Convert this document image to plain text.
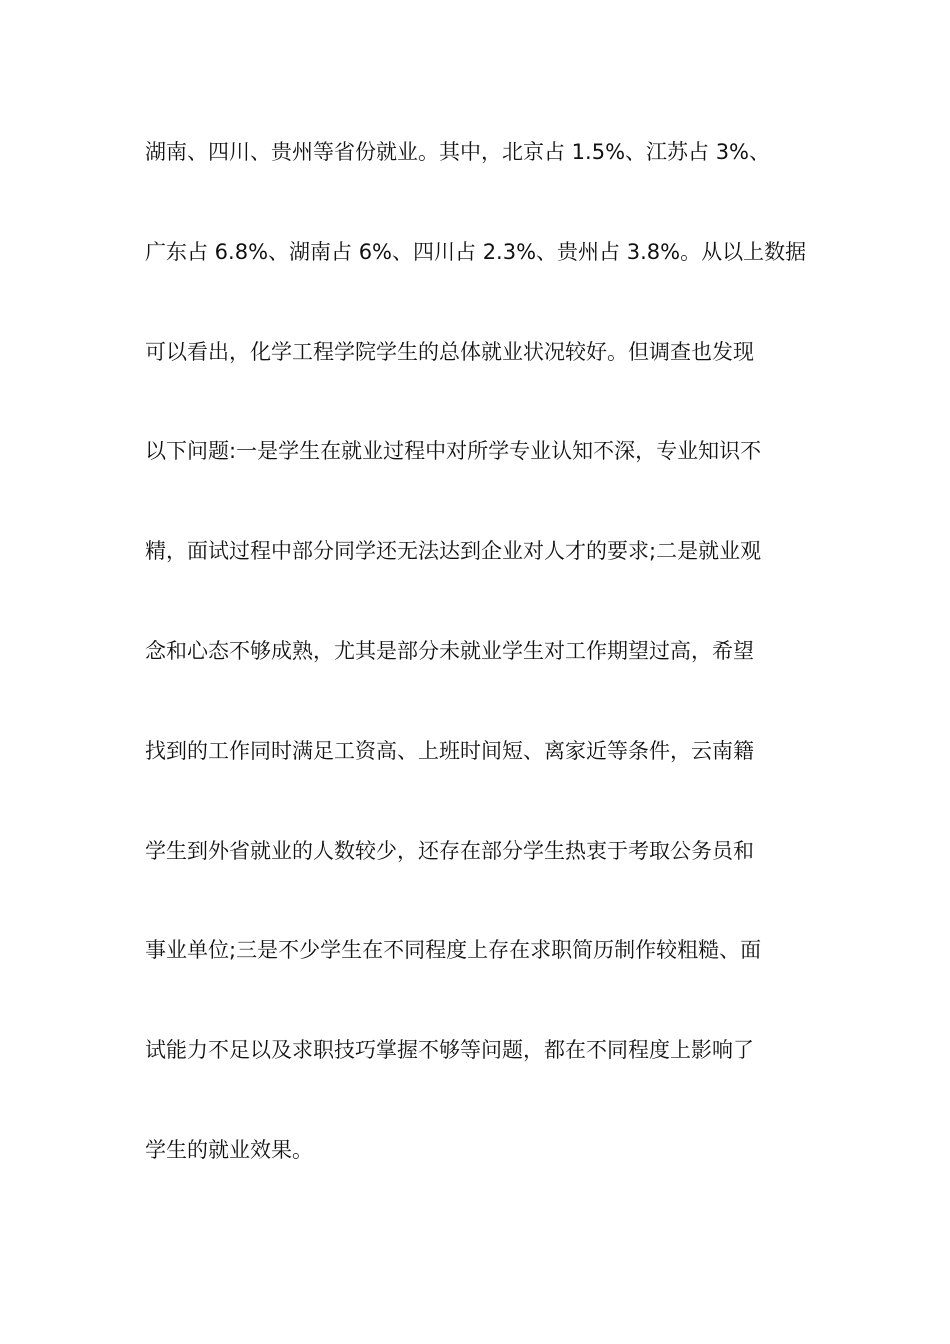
湖南、四川、贵州等省份就业。其中，北京占 1.5%、江苏占 3%、
广东占 6.8%、湖南占 6%、四川占 2.3%、贵州占 3.8%。从以上数据
可以看出，化学工程学院学生的总体就业状况较好。但调查也发现
以下问题:一是学生在就业过程中对所学专业认知不深，专业知识不
精，面试过程中部分同学还无法达到企业对人才的要求;二是就业观
念和心态不够成熟，尤其是部分未就业学生对工作期望过高，希望
找到的工作同时满足工资高、上班时间短、离家近等条件，云南籍
学生到外省就业的人数较少，还存在部分学生热衷于考取公务员和
事业单位;三是不少学生在不同程度上存在求职简历制作较粗糙、面
试能力不足以及求职技巧掌握不够等问题，都在不同程度上影响了
学生的就业效果。
